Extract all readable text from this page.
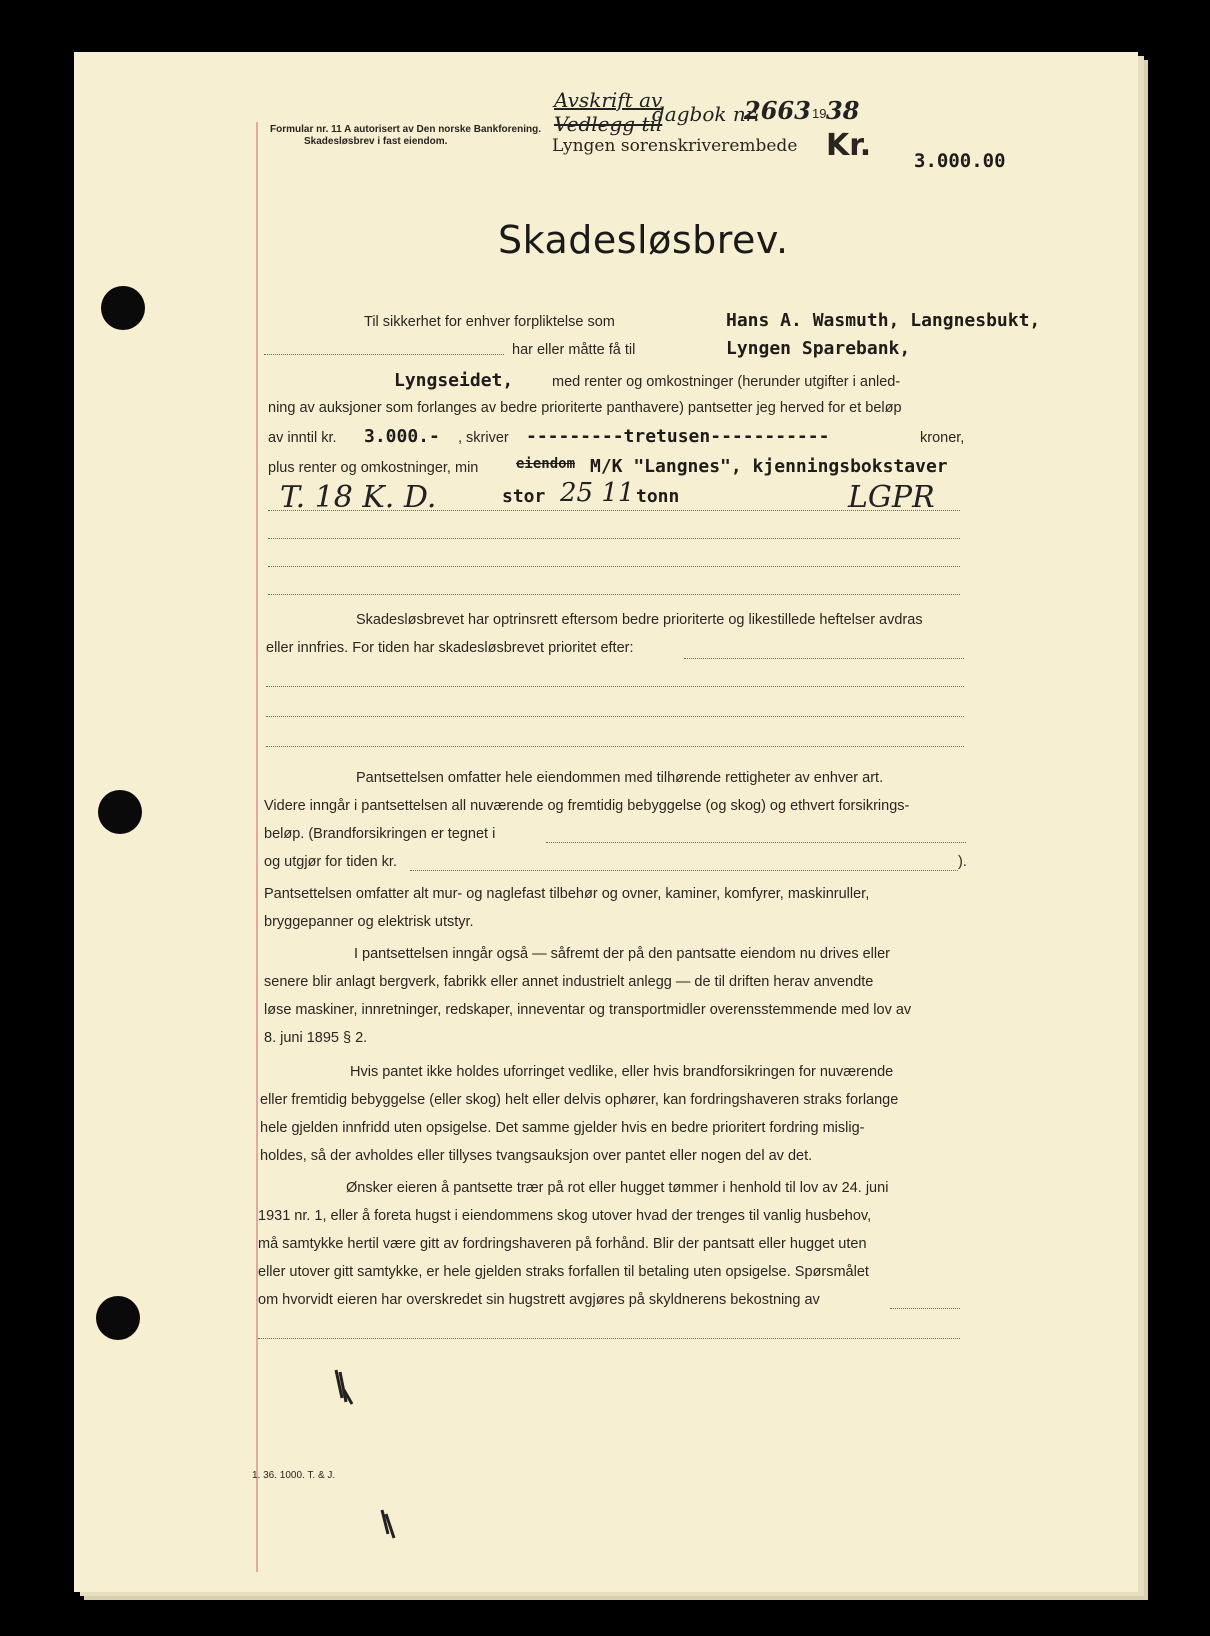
Avskrift av
Vedlegg til
dagbok nr.
2663 19 38
Formular nr. 11 A autorisert av Den norske Bankforening.
Skadesløsbrev i fast eiendom.	Lyngen sorenskriverembede Kr. 3.000.00
Skadesløsbrev.
Til sikkerhet for enhver forpliktelse som	Hans A. Wasmuth, Langnesbukt,
har eller måtte få til	Lyngen Sparebank,
Lyngseidet,	med renter og omkostninger (herunder utgifter i anled-
ning av auksjoner som forlanges av bedre prioriterte panthavere) pantsetter jeg herved for et beløp
av inntil kr. 3.000.- , skriver ---------tretusen-----------	kroner,
plus renter og omkostninger, min	eiendom M/K "Langnes", kjenningsbokstaver
T. 18 K. D.	stor 25 11 tonn	LGPR
Skadesløsbrevet har optrinsrett eftersom bedre prioriterte og likestillede heftelser avdras
eller innfries. For tiden har skadesløsbrevet prioritet efter:
Pantsettelsen omfatter hele eiendommen med tilhørende rettigheter av enhver art.
Videre inngår i pantsettelsen all nuværende og fremtidig bebyggelse (og skog) og ethvert forsikrings-
beløp. (Brandforsikringen er tegnet i
og utgjør for tiden kr.	).
Pantsettelsen omfatter alt mur- og naglefast tilbehør og ovner, kaminer, komfyrer, maskinruller,
bryggepanner og elektrisk utstyr.
I pantsettelsen inngår også — såfremt der på den pantsatte eiendom nu drives eller
senere blir anlagt bergverk, fabrikk eller annet industrielt anlegg — de til driften herav anvendte
løse maskiner, innretninger, redskaper, inneventar og transportmidler overensstemmende med lov av
8. juni 1895 § 2.
Hvis pantet ikke holdes uforringet vedlike, eller hvis brandforsikringen for nuværende
eller fremtidig bebyggelse (eller skog) helt eller delvis ophører, kan fordringshaveren straks forlange
hele gjelden innfridd uten opsigelse. Det samme gjelder hvis en bedre prioritert fordring mislig-
holdes, så der avholdes eller tillyses tvangsauksjon over pantet eller nogen del av det.
Ønsker eieren å pantsette trær på rot eller hugget tømmer i henhold til lov av 24. juni
1931 nr. 1, eller å foreta hugst i eiendommens skog utover hvad der trenges til vanlig husbehov,
må samtykke hertil være gitt av fordringshaveren på forhånd. Blir der pantsatt eller hugget uten
eller utover gitt samtykke, er hele gjelden straks forfallen til betaling uten opsigelse. Spørsmålet
om hvorvidt eieren har overskredet sin hugstrett avgjøres på skyldnerens bekostning av
1. 36. 1000. T. & J.
